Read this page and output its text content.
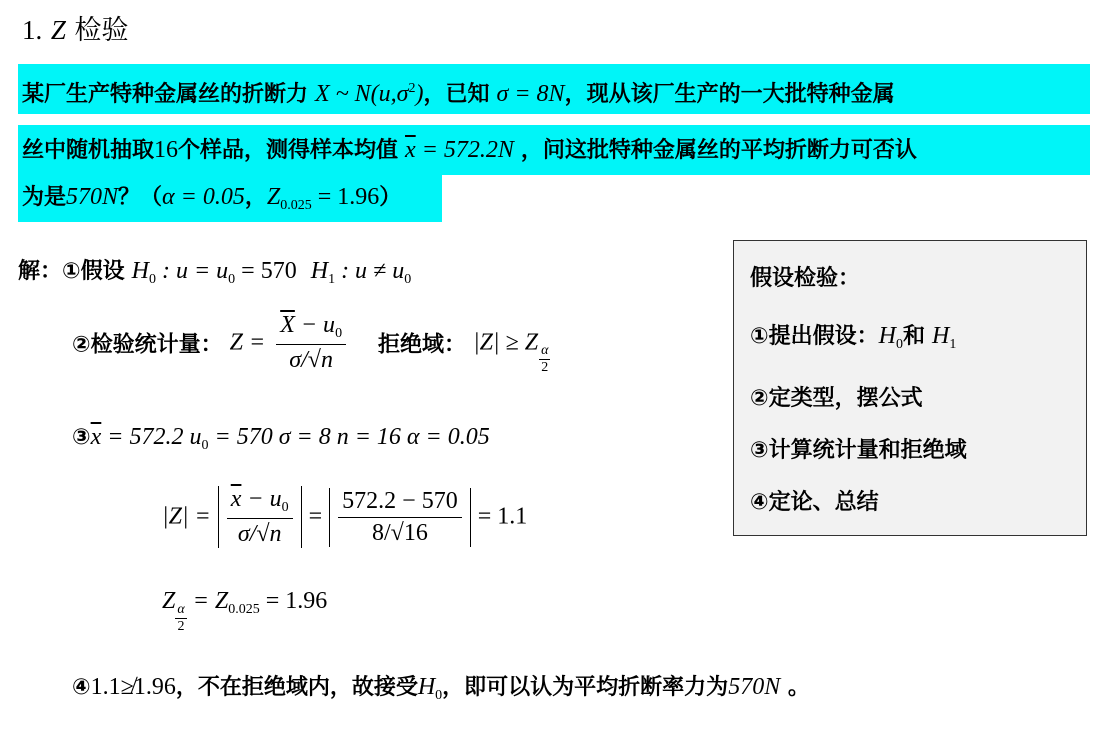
1. Z 检验
某厂生产特种金属丝的折断力 X ~ $N(u,\sigma^2)$，已知 σ = 8N，现从该厂生产的一大批特种金属
丝中随机抽取16个样品，测得样本均值 $\overline{x} = 572.2N$ ，问这批特种金属丝的平均折断力可否认
为是570N？（α = 0.05，$Z_{0.025} = 1.96$）
解：①假设 $H_0$ : $u = u_0 = 570$ $H_1$ : $u \ne u_0$
②检验统计量： $Z = \frac{\overline{X} - u_0}{\sigma/√n}$ 拒绝域： |Z| ≥ Z
$\frac{\alpha}{2}$
$③\overline{x} = 572.2$ $u_0 = 570$ σ = 8 n = 16 α = 0.05
$|Z| = \frac{\overline{x} - u_0}{\sigma/√n} = \frac{572.2 - 570}{8/√16} = 1.1$
Z
$\frac{\alpha}{2}$
= $Z_{0.025} = 1.96$
④1.1≱1.96，不在拒绝域内，故接受$H_0$，即可以认为平均折断率力为570N 。
假设检验：
①提出假设：$H_0$和 $H_1$
②定类型，摆公式
③计算统计量和拒绝域
④定论、总结
